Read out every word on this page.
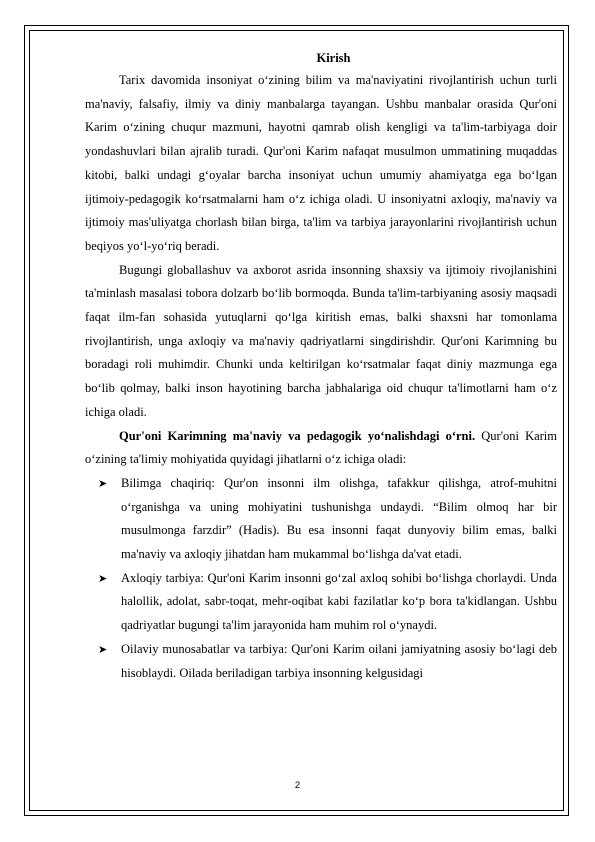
Kirish

Tarix davomida insoniyat o‘zining bilim va ma'naviyatini rivojlantirish uchun turli ma'naviy, falsafiy, ilmiy va diniy manbalarga tayangan. Ushbu manbalar orasida Qur'oni Karim o‘zining chuqur mazmuni, hayotni qamrab olish kengligi va ta'lim-tarbiyaga doir yondashuvlari bilan ajralib turadi. Qur'oni Karim nafaqat musulmon ummatining muqaddas kitobi, balki undagi g‘oyalar barcha insoniyat uchun umumiy ahamiyatga ega bo‘lgan ijtimoiy-pedagogik ko‘rsatmalarni ham o‘z ichiga oladi. U insoniyatni axloqiy, ma'naviy va ijtimoiy mas'uliyatga chorlash bilan birga, ta'lim va tarbiya jarayonlarini rivojlantirish uchun beqiyos yo‘l-yo‘riq beradi.

Bugungi globallashuv va axborot asrida insonning shaxsiy va ijtimoiy rivojlanishini ta'minlash masalasi tobora dolzarb bo‘lib bormoqda. Bunda ta'lim-tarbiyaning asosiy maqsadi faqat ilm-fan sohasida yutuqlarni qo‘lga kiritish emas, balki shaxsni har tomonlama rivojlantirish, unga axloqiy va ma'naviy qadriyatlarni singdirishdir. Qur'oni Karimning bu boradagi roli muhimdir. Chunki unda keltirilgan ko‘rsatmalar faqat diniy mazmunga ega bo‘lib qolmay, balki inson hayotining barcha jabhalariga oid chuqur ta'limotlarni ham o‘z ichiga oladi.

Qur'oni Karimning ma'naviy va pedagogik yo‘nalishdagi o‘rni. Qur'oni Karim o‘zining ta'limiy mohiyatida quyidagi jihatlarni o‘z ichiga oladi:

➤ Bilimga chaqiriq: Qur'on insonni ilm olishga, tafakkur qilishga, atrof-muhitni o‘rganishga va uning mohiyatini tushunishga undaydi. “Bilim olmoq har bir musulmonga farzdir” (Hadis). Bu esa insonni faqat dunyoviy bilim emas, balki ma'naviy va axloqiy jihatdan ham mukammal bo‘lishga da'vat etadi.
➤ Axloqiy tarbiya: Qur'oni Karim insonni go‘zal axloq sohibi bo‘lishga chorlaydi. Unda halollik, adolat, sabr-toqat, mehr-oqibat kabi fazilatlar ko‘p bora ta'kidlangan. Ushbu qadriyatlar bugungi ta'lim jarayonida ham muhim rol o‘ynaydi.
➤ Oilaviy munosabatlar va tarbiya: Qur'oni Karim oilani jamiyatning asosiy bo‘lagi deb hisoblaydi. Oilada beriladigan tarbiya insonning kelgusidagi
2
